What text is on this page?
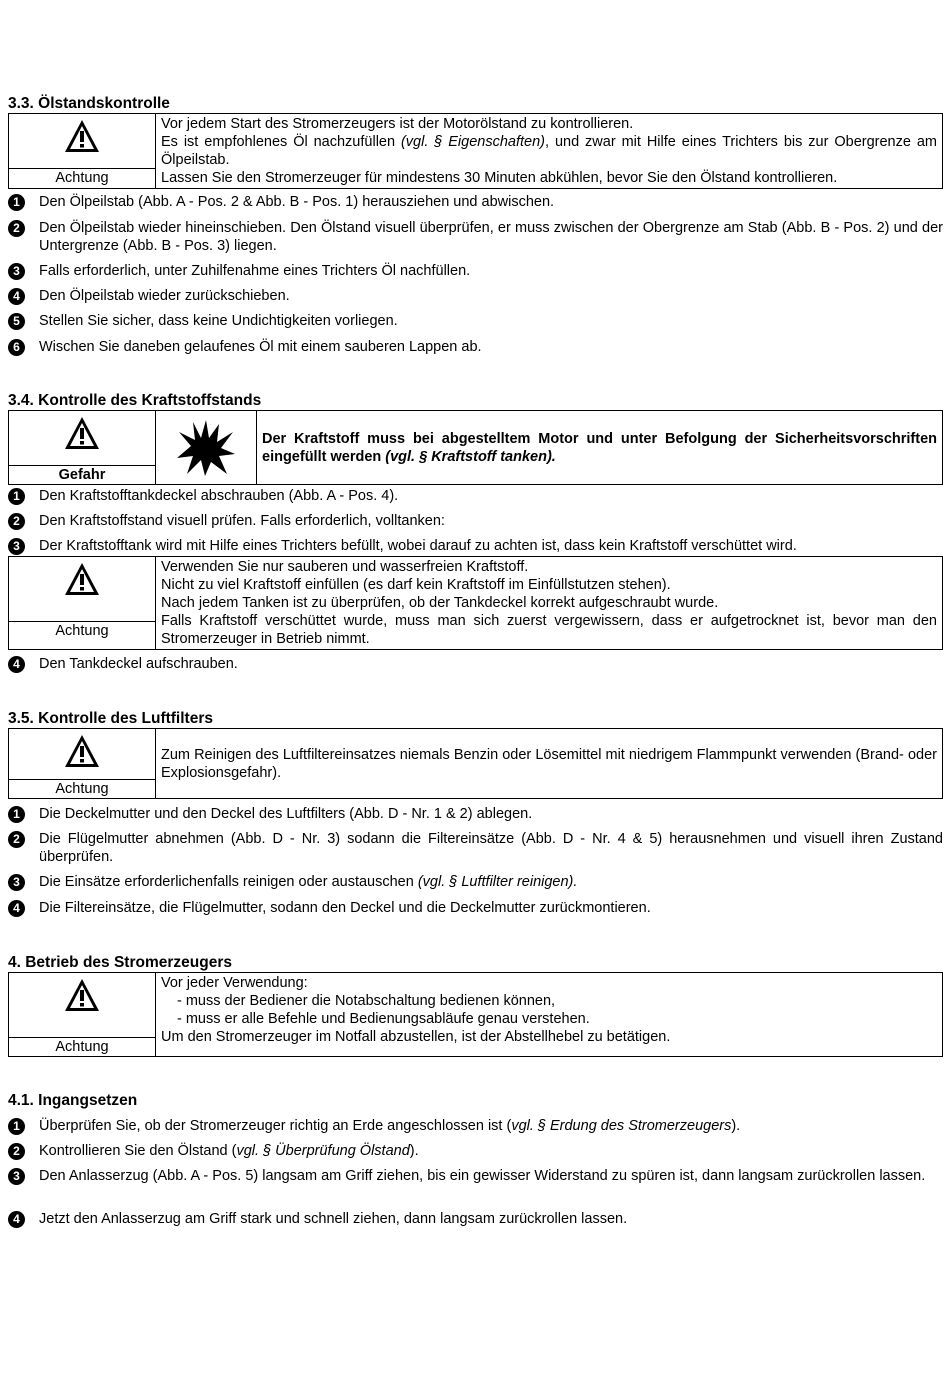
3.3. Ölstandskontrolle
Achtung

Vor jedem Start des Stromerzeugers ist der Motorölstand zu kontrollieren.

Es ist empfohlenes Öl nachzufüllen (vgl. § Eigenschaften), und zwar mit Hilfe eines Trichters bis zur Obergrenze am Ölpeilstab.

Lassen Sie den Stromerzeuger für mindestens 30 Minuten abkühlen, bevor Sie den Ölstand kontrollieren.

1	Den Ölpeilstab (Abb. A - Pos. 2 & Abb. B - Pos. 1) herausziehen und abwischen.
2	Den Ölpeilstab wieder hineinschieben. Den Ölstand visuell überprüfen, er muss zwischen der Obergrenze am Stab (Abb. B - Pos. 2) und der Untergrenze (Abb. B - Pos. 3) liegen.
3	Falls erforderlich, unter Zuhilfenahme eines Trichters Öl nachfüllen.
4	Den Ölpeilstab wieder zurückschieben.
5	Stellen Sie sicher, dass keine Undichtigkeiten vorliegen.
6	Wischen Sie daneben gelaufenes Öl mit einem sauberen Lappen ab.
3.4. Kontrolle des Kraftstoffstands
Gefahr

Der Kraftstoff muss bei abgestelltem Motor und unter Befolgung der Sicherheitsvorschriften eingefüllt werden (vgl. § Kraftstoff tanken).

1	Den Kraftstofftankdeckel abschrauben (Abb. A - Pos. 4).
2	Den Kraftstoffstand visuell prüfen. Falls erforderlich, volltanken:
3	Der Kraftstofftank wird mit Hilfe eines Trichters befüllt, wobei darauf zu achten ist, dass kein Kraftstoff verschüttet wird.
Achtung

Verwenden Sie nur sauberen und wasserfreien Kraftstoff.

Nicht zu viel Kraftstoff einfüllen (es darf kein Kraftstoff im Einfüllstutzen stehen).

Nach jedem Tanken ist zu überprüfen, ob der Tankdeckel korrekt aufgeschraubt wurde.

Falls Kraftstoff verschüttet wurde, muss man sich zuerst vergewissern, dass er aufgetrocknet ist, bevor man den Stromerzeuger in Betrieb nimmt.

4	Den Tankdeckel aufschrauben.
3.5. Kontrolle des Luftfilters
Achtung

Zum Reinigen des Luftfiltereinsatzes niemals Benzin oder Lösemittel mit niedrigem Flammpunkt verwenden (Brand- oder Explosionsgefahr).

1	Die Deckelmutter und den Deckel des Luftfilters (Abb. D - Nr. 1 & 2) ablegen.
2	Die Flügelmutter abnehmen (Abb. D - Nr. 3) sodann die Filtereinsätze (Abb. D - Nr. 4 & 5) herausnehmen und visuell ihren Zustand überprüfen.
3	Die Einsätze erforderlichenfalls reinigen oder austauschen (vgl. § Luftfilter reinigen).
4	Die Filtereinsätze, die Flügelmutter, sodann den Deckel und die Deckelmutter zurückmontieren.
4. Betrieb des Stromerzeugers
Achtung

Vor jeder Verwendung:

- muss der Bediener die Notabschaltung bedienen können,

- muss er alle Befehle und Bedienungsabläufe genau verstehen.

Um den Stromerzeuger im Notfall abzustellen, ist der Abstellhebel zu betätigen.

4.1. Ingangsetzen
1	Überprüfen Sie, ob der Stromerzeuger richtig an Erde angeschlossen ist (vgl. § Erdung des Stromerzeugers).
2	Kontrollieren Sie den Ölstand (vgl. § Überprüfung Ölstand).
3	Den Anlasserzug (Abb. A - Pos. 5) langsam am Griff ziehen, bis ein gewisser Widerstand zu spüren ist, dann langsam zurückrollen lassen.
4	Jetzt den Anlasserzug am Griff stark und schnell ziehen, dann langsam zurückrollen lassen.
